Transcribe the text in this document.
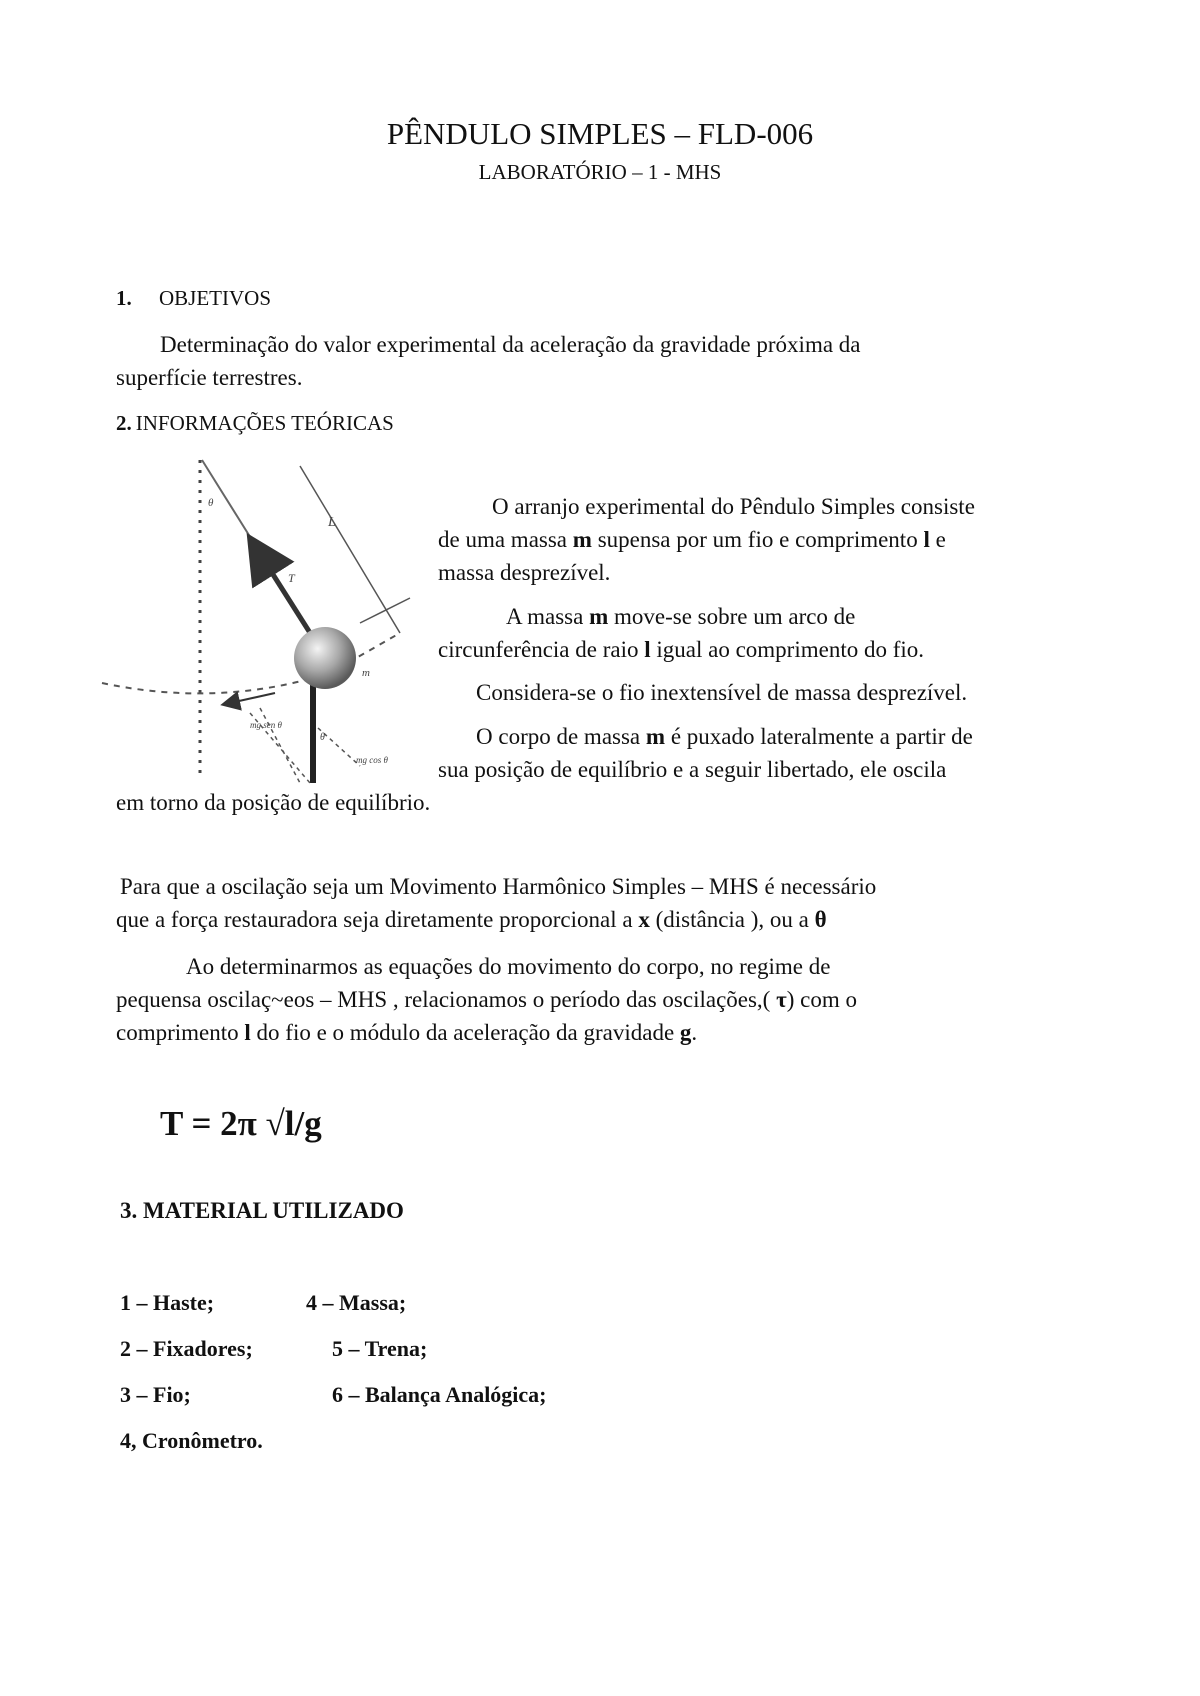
PÊNDULO SIMPLES – FLD-006
LABORATÓRIO – 1 - MHS
1. OBJETIVOS
Determinação do valor experimental da aceleração da gravidade próxima da
superfície terrestres.
2. INFORMAÇÕES TEÓRICAS
L
T
θ
m
mg sen θ
mg cos θ
θ
O arranjo experimental do Pêndulo Simples consiste
de uma massa m supensa por um fio e comprimento l e
massa desprezível.
A massa m move-se sobre um arco de
circunferência de raio l igual ao comprimento do fio.
Considera-se o fio inextensível de massa desprezível.
O corpo de massa m é puxado lateralmente a partir de
sua posição de equilíbrio e a seguir libertado, ele oscila
em torno da posição de equilíbrio.
Para que a oscilação seja um Movimento Harmônico Simples – MHS é necessário
que a força restauradora seja diretamente proporcional a x (distância ), ou a θ
Ao determinarmos as equações do movimento do corpo, no regime de
pequensa oscilaç~eos – MHS , relacionamos o período das oscilações,( τ) com o
comprimento l do fio e o módulo da aceleração da gravidade g.
T = 2π √l/g
3. MATERIAL UTILIZADO
1 – Haste;	4 – Massa;
2 – Fixadores;	5 – Trena;
3 – Fio;	6 – Balança Analógica;
4, Cronômetro.
